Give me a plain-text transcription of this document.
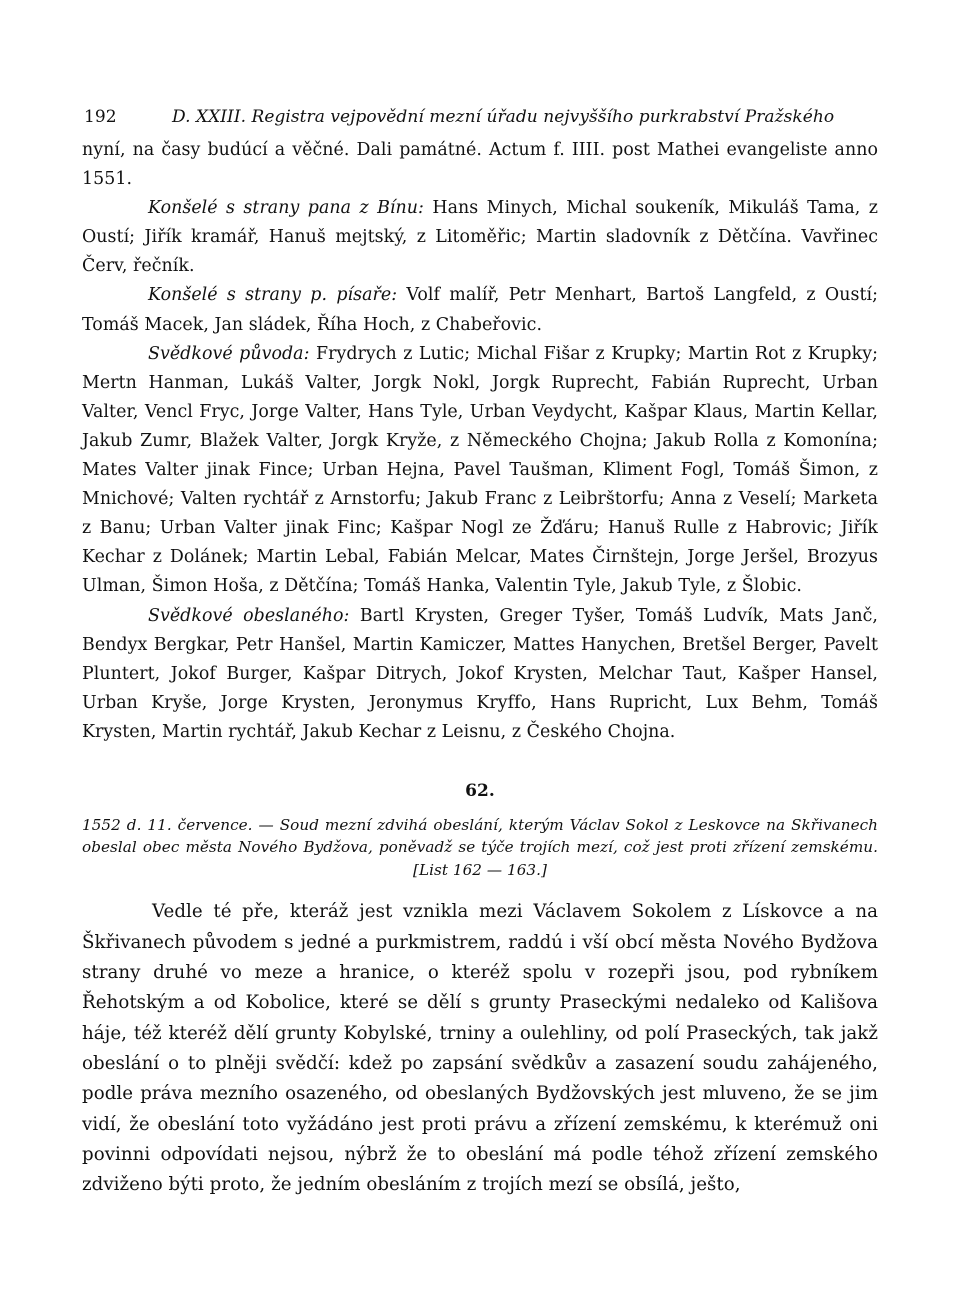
192	D. XXIII. Registra vejpovědní mezní úřadu nejvyššího purkrabství Pražského

nyní, na časy budúcí a věčné. Dali památné. Actum f. IIII. post Mathei evangeliste anno 1551.

Konšelé s strany pana z Bínu: Hans Minych, Michal soukeník, Mikuláš Tama, z Oustí; Jiřík kramář, Hanuš mejtský, z Litoměřic; Martin sladovník z Dětčína. Vavřinec Červ, řečník.

Konšelé s strany p. písaře: Volf malíř, Petr Menhart, Bartoš Langfeld, z Oustí; Tomáš Macek, Jan sládek, Říha Hoch, z Chabeřovic.

Svědkové původa: Frydrych z Lutic; Michal Fišar z Krupky; Martin Rot z Krupky; Mertn Hanman, Lukáš Valter, Jorgk Nokl, Jorgk Ruprecht, Fabián Ruprecht, Urban Valter, Vencl Fryc, Jorge Valter, Hans Tyle, Urban Veydycht, Kašpar Klaus, Martin Kellar, Jakub Zumr, Blažek Valter, Jorgk Kryže, z Německého Chojna; Jakub Rolla z Komonína; Mates Valter jinak Fince; Urban Hejna, Pavel Taušman, Kliment Fogl, Tomáš Šimon, z Mnichové; Valten rychtář z Arnstorfu; Jakub Franc z Leibrštorfu; Anna z Veselí; Marketa z Banu; Urban Valter jinak Finc; Kašpar Nogl ze Žďáru; Hanuš Rulle z Habrovic; Jiřík Kechar z Dolánek; Martin Lebal, Fabián Melcar, Mates Čirnštejn, Jorge Jeršel, Brozyus Ulman, Šimon Hoša, z Dětčína; Tomáš Hanka, Valentin Tyle, Jakub Tyle, z Šlobic.

Svědkové obeslaného: Bartl Krysten, Greger Tyšer, Tomáš Ludvík, Mats Janč, Bendyx Bergkar, Petr Hanšel, Martin Kamiczer, Mattes Hanychen, Bretšel Berger, Pavelt Pluntert, Jokof Burger, Kašpar Ditrych, Jokof Krysten, Melchar Taut, Kašper Hansel, Urban Kryše, Jorge Krysten, Jeronymus Kryffo, Hans Rupricht, Lux Behm, Tomáš Krysten, Martin rychtář, Jakub Kechar z Leisnu, z Českého Chojna.

62.

1552 d. 11. července. — Soud mezní zdvihá obeslání, kterým Václav Sokol z Leskovce na Skřivanech obeslal obec města Nového Bydžova, poněvadž se týče trojích mezí, což jest proti zřízení zemskému. [List 162 — 163.]

Vedle té pře, kteráž jest vznikla mezi Václavem Sokolem z Lískovce a na Škřivanech původem s jedné a purkmistrem, raddú i vší obcí města Nového Bydžova strany druhé vo meze a hranice, o kteréž spolu v rozepři jsou, pod rybníkem Řehotským a od Kobolice, které se dělí s grunty Praseckými nedaleko od Kališova háje, též kteréž dělí grunty Kobylské, trniny a oulehliny, od polí Praseckých, tak jakž obeslání o to plněji svědčí: kdež po zapsání svědkův a zasazení soudu zahájeného, podle práva mezního osazeného, od obeslaných Bydžovských jest mluveno, že se jim vidí, že obeslání toto vyžádáno jest proti právu a zřízení zemskému, k kterémuž oni povinni odpovídati nejsou, nýbrž že to obeslání má podle téhož zřízení zemského zdviženo býti proto, že jedním obesláním z trojích mezí se obsílá, ješto,
